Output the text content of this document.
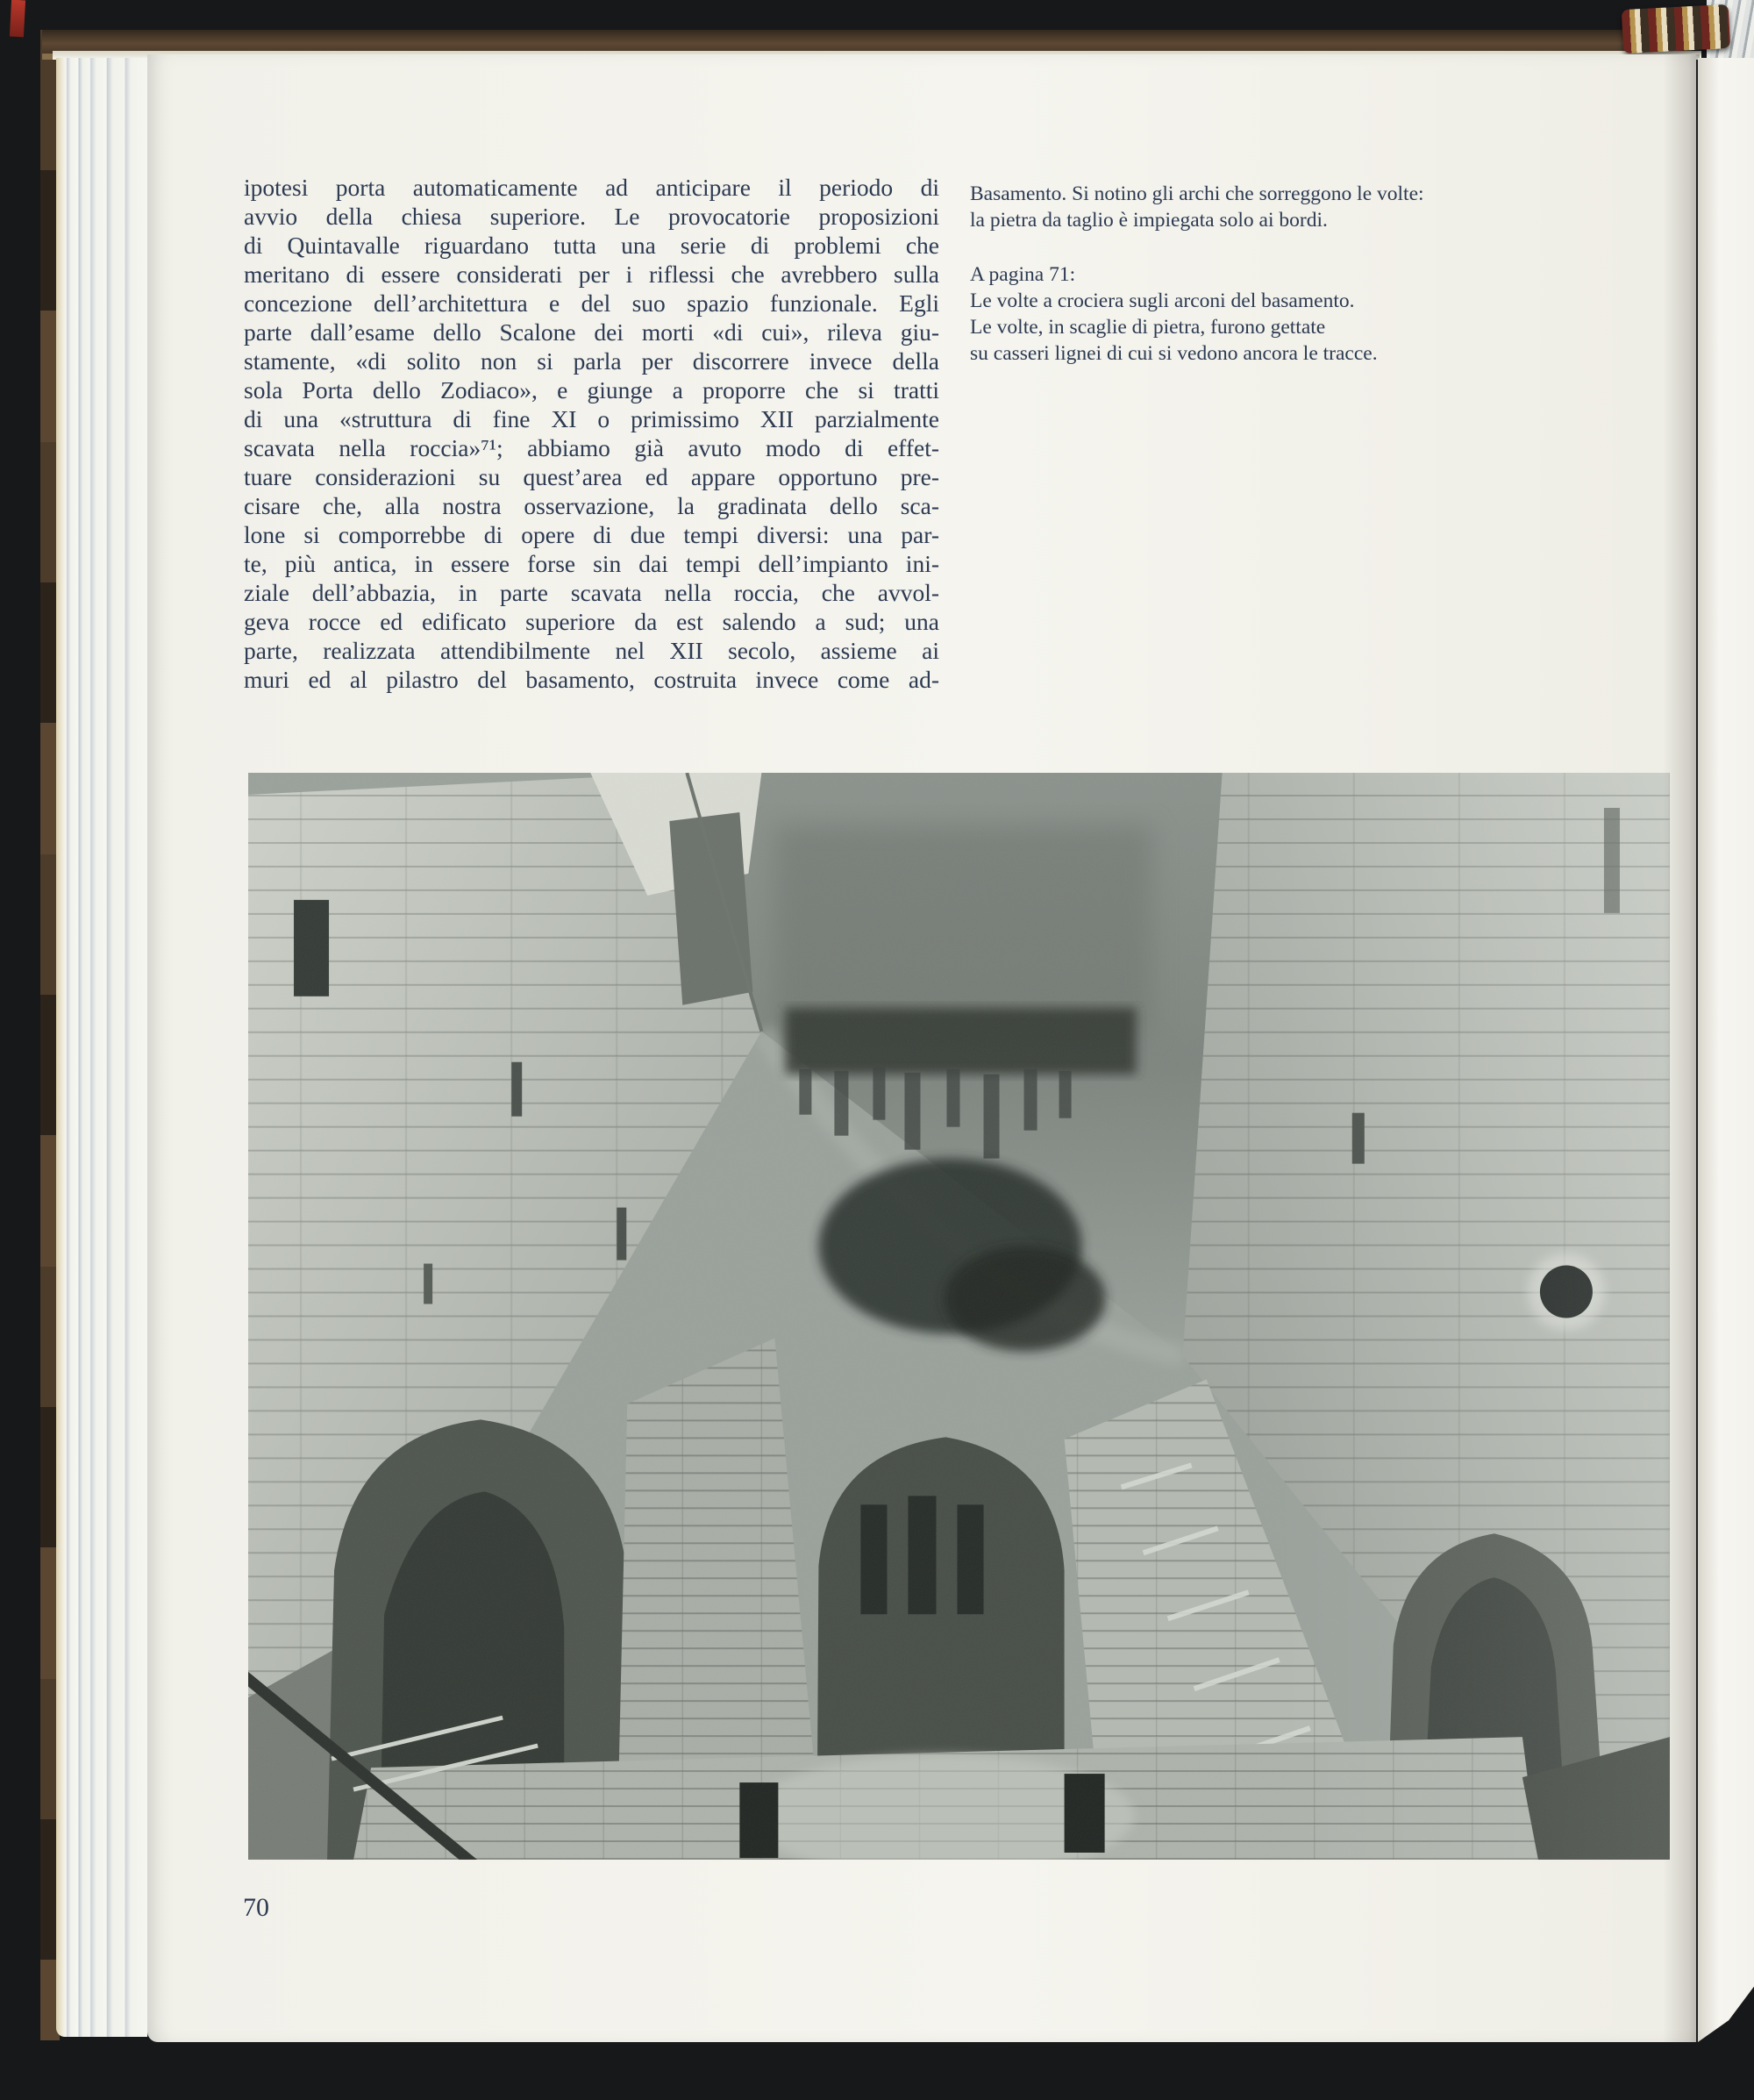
ipotesi porta automaticamente ad anticipare il periodo di
avvio della chiesa superiore. Le provocatorie proposizioni
di Quintavalle riguardano tutta una serie di problemi che
meritano di essere considerati per i riflessi che avrebbero sulla
concezione dell’architettura e del suo spazio funzionale. Egli
parte dall’esame dello Scalone dei morti «di cui», rileva giu-
stamente, «di solito non si parla per discorrere invece della
sola Porta dello Zodiaco», e giunge a proporre che si tratti
di una «struttura di fine XI o primissimo XII parzialmente
scavata nella roccia»⁷¹; abbiamo già avuto modo di effet-
tuare considerazioni su quest’area ed appare opportuno pre-
cisare che, alla nostra osservazione, la gradinata dello sca-
lone si comporrebbe di opere di due tempi diversi: una par-
te, più antica, in essere forse sin dai tempi dell’impianto ini-
ziale dell’abbazia, in parte scavata nella roccia, che avvol-
geva rocce ed edificato superiore da est salendo a sud; una
parte, realizzata attendibilmente nel XII secolo, assieme ai
muri ed al pilastro del basamento, costruita invece come ad-
Basamento. Si notino gli archi che sorreggono le volte:
la pietra da taglio è impiegata solo ai bordi.
A pagina 71:
Le volte a crociera sugli arconi del basamento.
Le volte, in scaglie di pietra, furono gettate
su casseri lignei di cui si vedono ancora le tracce.
70
